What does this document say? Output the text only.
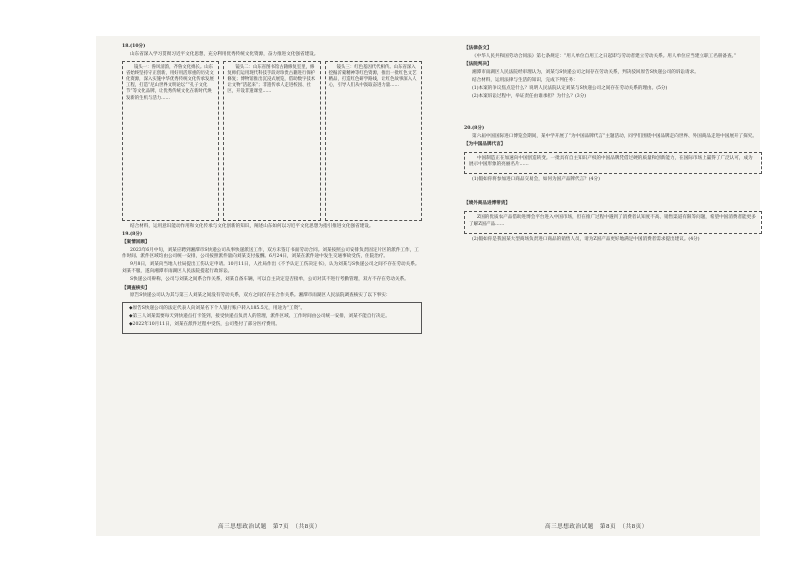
18.(10分)

山东省深入学习贯彻习近平文化思想，充分利用优秀传统文化资源，奋力推进文化强省建设。

镜头一：鲁风清韵，齐鲁文化绵长。山东省始终坚持守正创新，用好用活厚重的历史文化资源，深入实施中华优秀传统文化传承发展工程，打造“尼山世界文明论坛”“孔子文化节”等文化品牌，让优秀传统文化在新时代焕发新的生机与活力……
镜头二：山东省图书馆古籍修复室里，修复师们运用现代科技手段对珍贵古籍进行保护修复；博物馆推出沉浸式展览，借助数字技术让文物“活起来”；非遗传承人走进校园、社区，开设非遗课堂……
镜头三：红色基因代代相传。山东省深入挖掘沂蒙精神等红色资源，推出一批红色文艺精品，打造红色研学路线，让红色故事深入人心，引导人们从中汲取奋进力量……

结合材料，运用意识能动作用和文化传承与文化创新的知识，阐述山东如何以习近平文化思想为指引推进文化强省建设。

19.(8分)

【案情回顾】

2023年6月中旬，刘某应聘到湘潭市S快递公司从事快递派送工作，双方未签订书面劳动合同。刘某按照公司安排负责固定片区的派件工作，工作时间、派件区域均由公司统一安排，公司按照派件量向刘某支付报酬。6月24日，刘某在派件途中发生交通事故受伤，住院治疗。

9月8日，刘某向当地人社局提出工伤认定申请。10月11日，人社局作出《不予认定工伤决定书》，认为刘某与S快递公司之间不存在劳动关系。刘某不服，遂向湘潭市雨湖区人民法院提起行政诉讼。

S快递公司辩称，公司与刘某之间系合作关系，刘某自备车辆，可以自主决定是否接单，公司对其不进行考勤管理，双方不存在劳动关系。

【调查核实】

原告S快递公司认为其与第三人刘某之间没有劳动关系，双方之间仅存在合作关系。湘潭市雨湖区人民法院调查核实了以下事实：

◆原告S快递公司的法定代表人向刘某名下个人银行账户转入185.5元，用途为“工资”。

◆第三人刘某需要每天到快递点打卡签到，接受快递点负责人的管理，派件区域、工作时间由公司统一安排，刘某不能自行决定。

◆2022年10月11日，刘某在派件过程中受伤，公司垫付了部分医疗费用。

【法律条文】

《中华人民共和国劳动合同法》第七条规定：“用人单位自用工之日起即与劳动者建立劳动关系。用人单位应当建立职工名册备查。”

【法院判决】

湘潭市雨湖区人民法院经审理认为，刘某与S快递公司之间存在劳动关系，判决驳回原告S快递公司的诉讼请求。

结合材料，运用法律与生活的知识，完成下列任务：

(1)本案的争议焦点是什么？说明人民法院认定刘某与S快递公司之间存在劳动关系的理由。(5分)

(2)本案诉讼过程中，举证责任由谁承担？为什么？(3分)

20.(8分)

第六届中国国际进口博览会期间，某中学开展了“为中国品牌代言”主题活动，同学们围绕中国品牌走向世界、外国商品走进中国展开了探究。

【为中国品牌代言】

中国制造正在加速向中国创造转变。一批具有自主知识产权的中国品牌凭借过硬的质量和创新能力，在国际市场上赢得了广泛认可，成为展示中国形象的亮丽名片……

(1)假如你将参加进口商品交易会，如何为国产品牌代言？(4分)

【境外商品进博带货】

Z国的优质农产品借助进博会平台进入中国市场，但在推广过程中遇到了消费者认知度不高、销售渠道有限等问题，希望中国消费者能更多了解Z国产品……

(2)假如你是我国某大型商场负责进口商品的销售人员，请为Z国产品更好地满足中国消费者需求提出建议。(4分)

高三思想政治试题　第7页　（共8页）	高三思想政治试题　第8页　（共8页）
